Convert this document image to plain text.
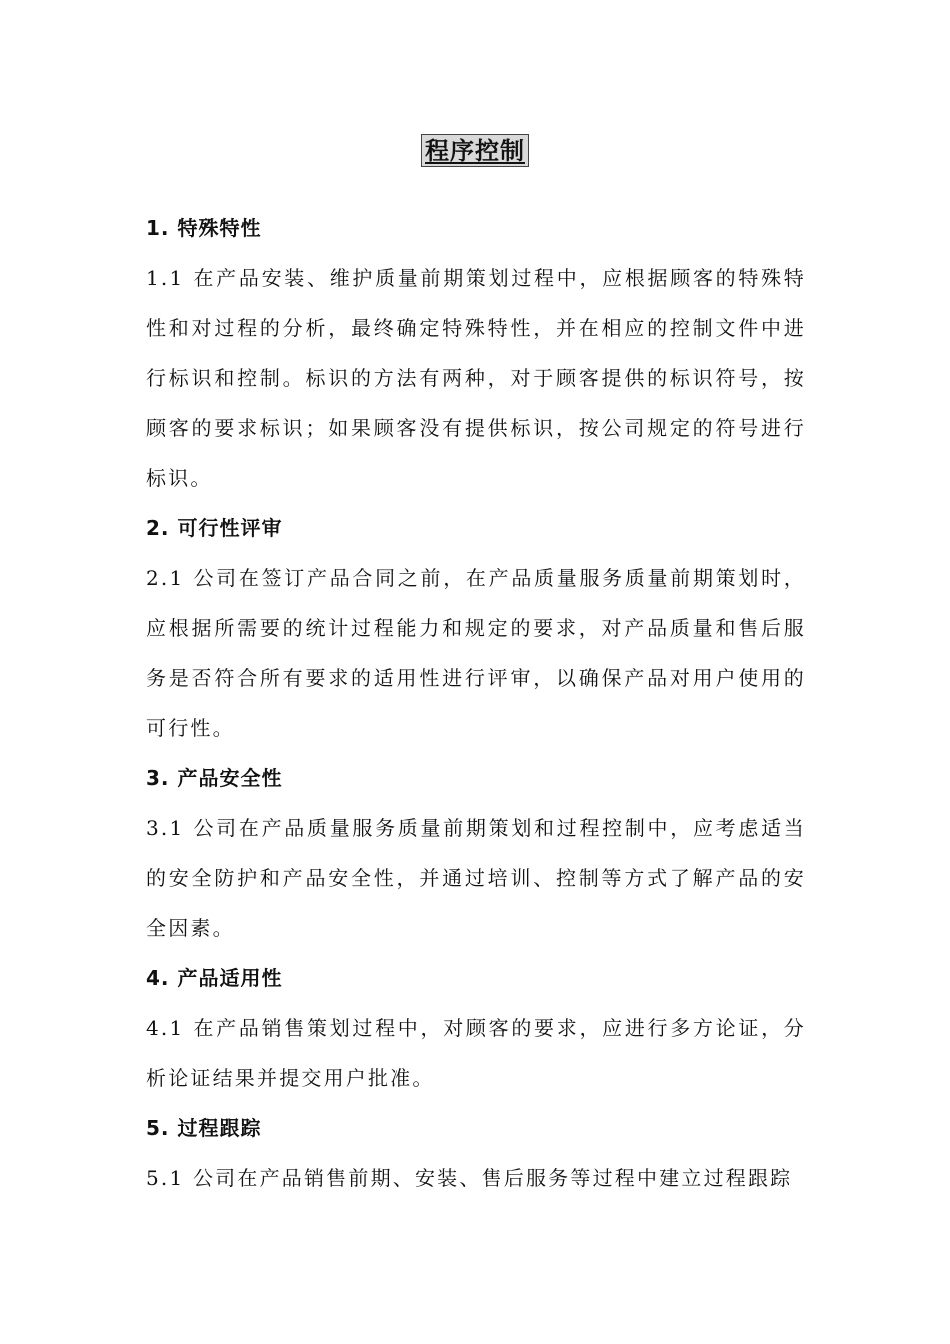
程序控制
1. 特殊特性

1.1 在产品安装、维护质量前期策划过程中，应根据顾客的特殊特性和对过程的分析，最终确定特殊特性，并在相应的控制文件中进行标识和控制。标识的方法有两种，对于顾客提供的标识符号，按顾客的要求标识；如果顾客没有提供标识，按公司规定的符号进行标识。

2. 可行性评审

2.1 公司在签订产品合同之前，在产品质量服务质量前期策划时，应根据所需要的统计过程能力和规定的要求，对产品质量和售后服务是否符合所有要求的适用性进行评审，以确保产品对用户使用的可行性。

3. 产品安全性

3.1 公司在产品质量服务质量前期策划和过程控制中，应考虑适当的安全防护和产品安全性，并通过培训、控制等方式了解产品的安全因素。

4. 产品适用性

4.1 在产品销售策划过程中，对顾客的要求，应进行多方论证，分析论证结果并提交用户批准。

5. 过程跟踪

5.1 公司在产品销售前期、安装、售后服务等过程中建立过程跟踪
